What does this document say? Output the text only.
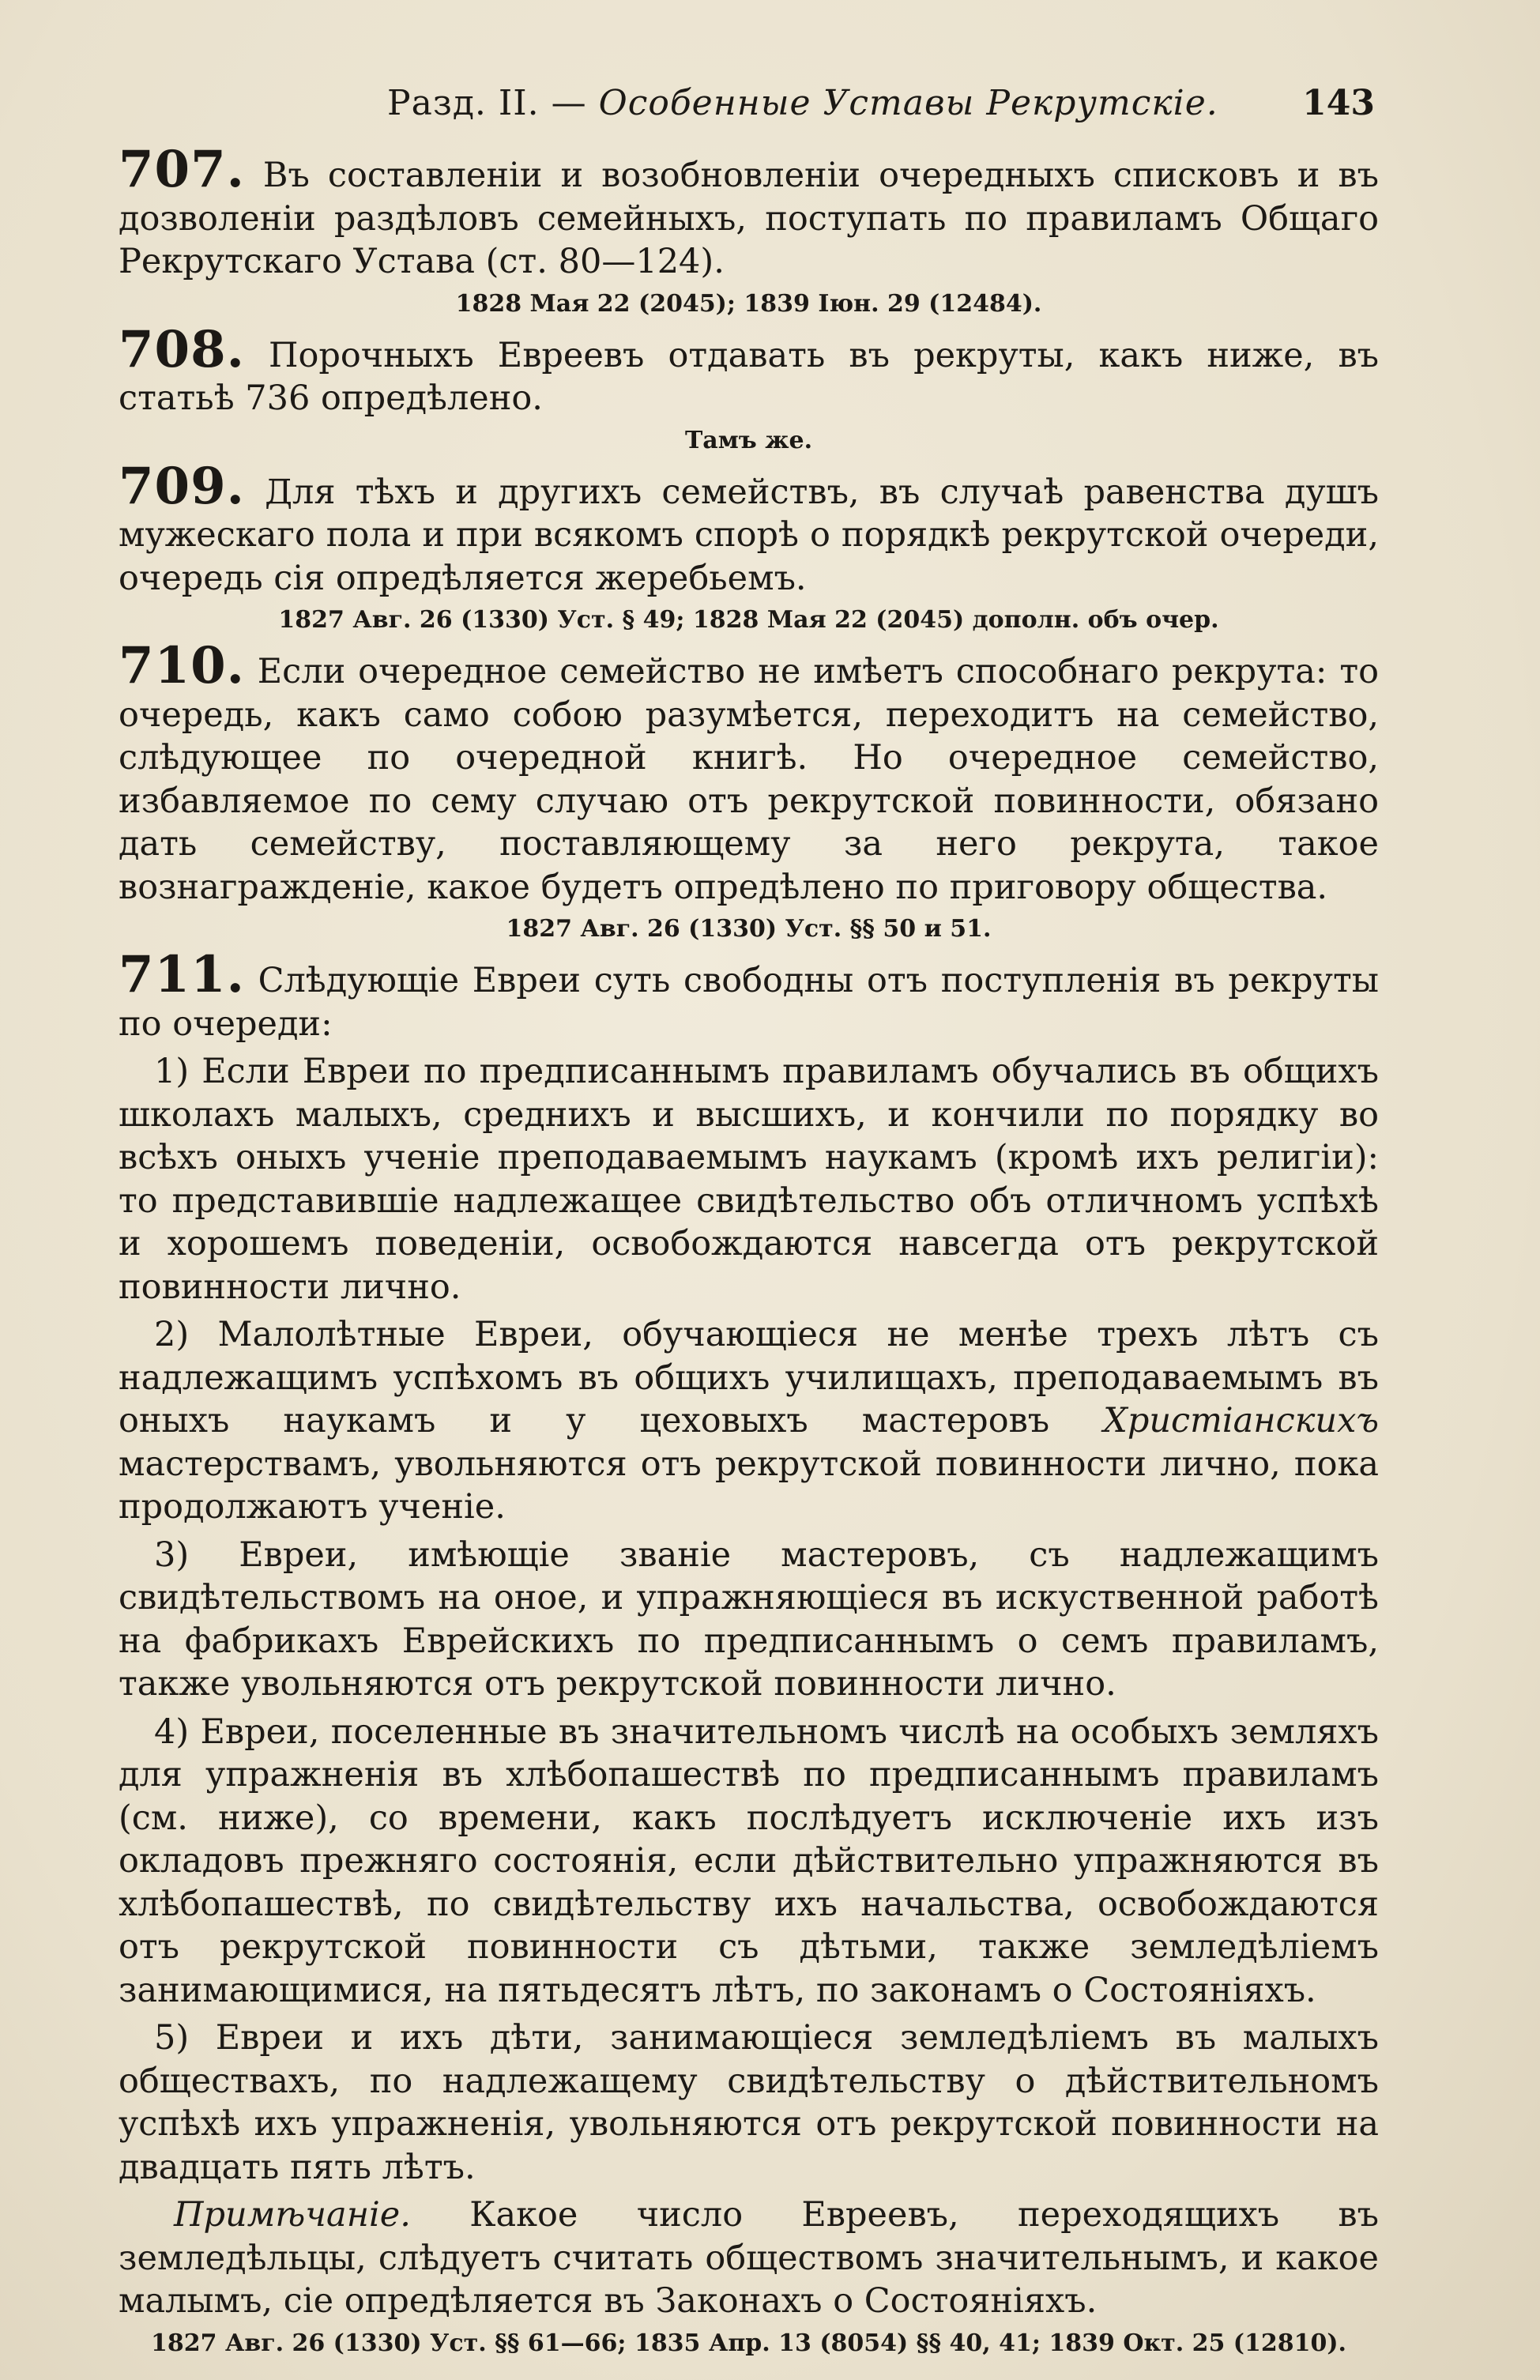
Разд. II. — Особенные Уставы Рекрутскіе. 143

707. Въ составленіи и возобновленіи очередныхъ списковъ и въ дозволеніи раздѣловъ семейныхъ, поступать по правиламъ Общаго Рекрутскаго Устава (ст. 80—124).

1828 Мая 22 (2045); 1839 Іюн. 29 (12484).

708. Порочныхъ Евреевъ отдавать въ рекруты, какъ ниже, въ статьѣ 736 опредѣлено.

Тамъ же.

709. Для тѣхъ и другихъ семействъ, въ случаѣ равенства душъ мужескаго пола и при всякомъ спорѣ о порядкѣ рекрутской очереди, очередь сія опредѣляется жеребьемъ.

1827 Авг. 26 (1330) Уст. § 49; 1828 Мая 22 (2045) дополн. объ очер.

710. Если очередное семейство не имѣетъ способнаго рекрута: то очередь, какъ само собою разумѣется, переходитъ на семейство, слѣдующее по очередной книгѣ. Но очередное семейство, избавляемое по сему случаю отъ рекрутской повинности, обязано дать семейству, поставляющему за него рекрута, такое вознагражденіе, какое будетъ опредѣлено по приговору общества.

1827 Авг. 26 (1330) Уст. §§ 50 и 51.

711. Слѣдующіе Евреи суть свободны отъ поступленія въ рекруты по очереди:

1) Если Евреи по предписаннымъ правиламъ обучались въ общихъ школахъ малыхъ, среднихъ и высшихъ, и кончили по порядку во всѣхъ оныхъ ученіе преподаваемымъ наукамъ (кромѣ ихъ религіи): то представившіе надлежащее свидѣтельство объ отличномъ успѣхѣ и хорошемъ поведеніи, освобождаются навсегда отъ рекрутской повинности лично.

2) Малолѣтные Евреи, обучающіеся не менѣе трехъ лѣтъ съ надлежащимъ успѣхомъ въ общихъ училищахъ, преподаваемымъ въ оныхъ наукамъ и у цеховыхъ мастеровъ Христіанскихъ мастерствамъ, увольняются отъ рекрутской повинности лично, пока продолжаютъ ученіе.

3) Евреи, имѣющіе званіе мастеровъ, съ надлежащимъ свидѣтельствомъ на оное, и упражняющіеся въ искуственной работѣ на фабрикахъ Еврейскихъ по предписаннымъ о семъ правиламъ, также увольняются отъ рекрутской повинности лично.

4) Евреи, поселенные въ значительномъ числѣ на особыхъ земляхъ для упражненія въ хлѣбопашествѣ по предписаннымъ правиламъ (см. ниже), со времени, какъ послѣдуетъ исключеніе ихъ изъ окладовъ прежняго состоянія, если дѣйствительно упражняются въ хлѣбопашествѣ, по свидѣтельству ихъ начальства, освобождаются отъ рекрутской повинности съ дѣтьми, также земледѣліемъ занимающимися, на пятьдесятъ лѣтъ, по законамъ о Состояніяхъ.

5) Евреи и ихъ дѣти, занимающіеся земледѣліемъ въ малыхъ обществахъ, по надлежащему свидѣтельству о дѣйствительномъ успѣхѣ ихъ упражненія, увольняются отъ рекрутской повинности на двадцать пять лѣтъ.

Примѣчаніе. Какое число Евреевъ, переходящихъ въ земледѣльцы, слѣдуетъ считать обществомъ значительнымъ, и какое малымъ, сіе опредѣляется въ Законахъ о Состояніяхъ.

1827 Авг. 26 (1330) Уст. §§ 61—66; 1835 Апр. 13 (8054) §§ 40, 41; 1839 Окт. 25 (12810).
